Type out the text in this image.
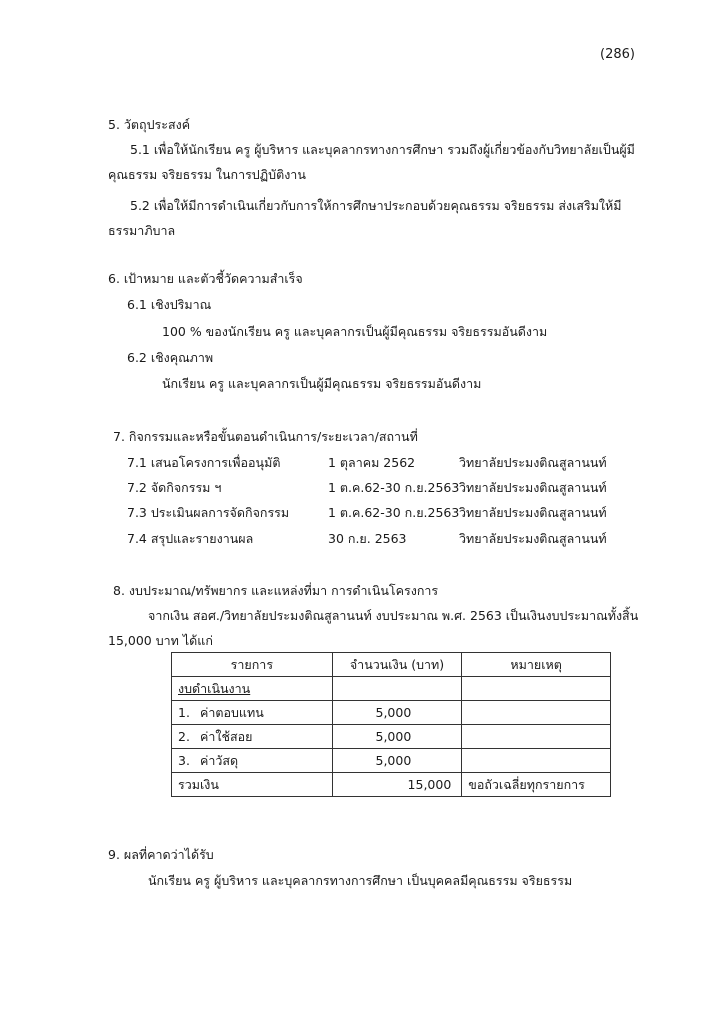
(286)
5. วัตถุประสงค์
5.1 เพื่อให้นักเรียน ครู ผู้บริหาร และบุคลากรทางการศึกษา รวมถึงผู้เกี่ยวข้องกับวิทยาลัยเป็นผู้มี
คุณธรรม จริยธรรม ในการปฏิบัติงาน
5.2 เพื่อให้มีการดำเนินเกี่ยวกับการให้การศึกษาประกอบด้วยคุณธรรม จริยธรรม ส่งเสริมให้มี
ธรรมาภิบาล
6. เป้าหมาย และตัวชี้วัดความสำเร็จ
6.1 เชิงปริมาณ
100 % ของนักเรียน ครู และบุคลากรเป็นผู้มีคุณธรรม จริยธรรมอันดีงาม
6.2 เชิงคุณภาพ
นักเรียน ครู และบุคลากรเป็นผู้มีคุณธรรม จริยธรรมอันดีงาม
7. กิจกรรมและหรือขั้นตอนดำเนินการ/ระยะเวลา/สถานที่
7.1 เสนอโครงการเพื่ออนุมัติ	1 ตุลาคม 2562	วิทยาลัยประมงติณสูลานนท์
7.2 จัดกิจกรรม ฯ	1 ต.ค.62-30 ก.ย.2563 วิทยาลัยประมงติณสูลานนท์
7.3 ประเมินผลการจัดกิจกรรม	1 ต.ค.62-30 ก.ย.2563 วิทยาลัยประมงติณสูลานนท์
7.4 สรุปและรายงานผล	30 ก.ย. 2563	วิทยาลัยประมงติณสูลานนท์
8. งบประมาณ/ทรัพยากร และแหล่งที่มา การดำเนินโครงการ
จากเงิน สอศ./วิทยาลัยประมงติณสูลานนท์ งบประมาณ พ.ศ. 2563 เป็นเงินงบประมาณทั้งสิ้น
15,000 บาท ได้แก่
รายการ	จำนวนเงิน (บาท)	หมายเหตุ
งบดำเนินงาน		
1. ค่าตอบแทน	5,000	
2. ค่าใช้สอย	5,000	
3. ค่าวัสดุ	5,000	
รวมเงิน	15,000	ขอถัวเฉลี่ยทุกรายการ
9. ผลที่คาดว่าได้รับ
นักเรียน ครู ผู้บริหาร และบุคลากรทางการศึกษา เป็นบุคคลมีคุณธรรม จริยธรรม
